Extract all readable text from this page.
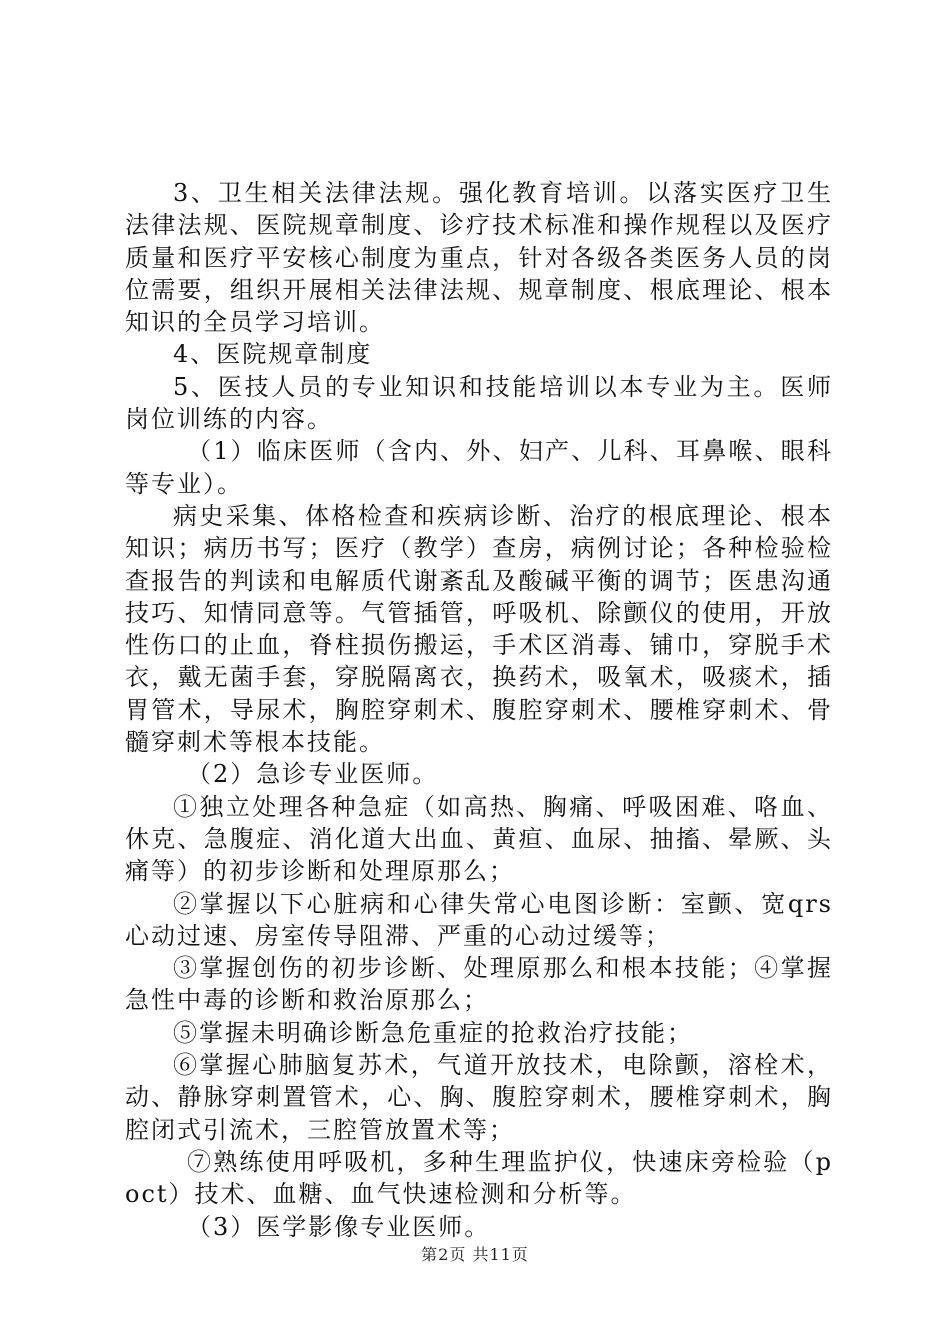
3、卫生相关法律法规。强化教育培训。以落实医疗卫生法律法规、医院规章制度、诊疗技术标准和操作规程以及医疗质量和医疗平安核心制度为重点，针对各级各类医务人员的岗位需要，组织开展相关法律法规、规章制度、根底理论、根本知识的全员学习培训。

4、医院规章制度

5、医技人员的专业知识和技能培训以本专业为主。医师岗位训练的内容。

（1）临床医师（含内、外、妇产、儿科、耳鼻喉、眼科等专业）。

病史采集、体格检查和疾病诊断、治疗的根底理论、根本知识；病历书写；医疗（教学）查房，病例讨论；各种检验检查报告的判读和电解质代谢紊乱及酸碱平衡的调节；医患沟通技巧、知情同意等。气管插管，呼吸机、除颤仪的使用，开放性伤口的止血，脊柱损伤搬运，手术区消毒、铺巾，穿脱手术衣，戴无菌手套，穿脱隔离衣，换药术，吸氧术，吸痰术，插胃管术，导尿术，胸腔穿刺术、腹腔穿刺术、腰椎穿刺术、骨髓穿刺术等根本技能。

（2）急诊专业医师。

①独立处理各种急症（如高热、胸痛、呼吸困难、咯血、休克、急腹症、消化道大出血、黄疸、血尿、抽搐、晕厥、头痛等）的初步诊断和处理原那么；

②掌握以下心脏病和心律失常心电图诊断：室颤、宽qrs心动过速、房室传导阻滞、严重的心动过缓等；

③掌握创伤的初步诊断、处理原那么和根本技能；④掌握急性中毒的诊断和救治原那么；

⑤掌握未明确诊断急危重症的抢救治疗技能；

⑥掌握心肺脑复苏术，气道开放技术，电除颤，溶栓术，动、静脉穿刺置管术，心、胸、腹腔穿刺术，腰椎穿刺术，胸腔闭式引流术，三腔管放置术等；

⑦熟练使用呼吸机，多种生理监护仪，快速床旁检验（poct）技术、血糖、血气快速检测和分析等。

（3）医学影像专业医师。

第2页 共11页
